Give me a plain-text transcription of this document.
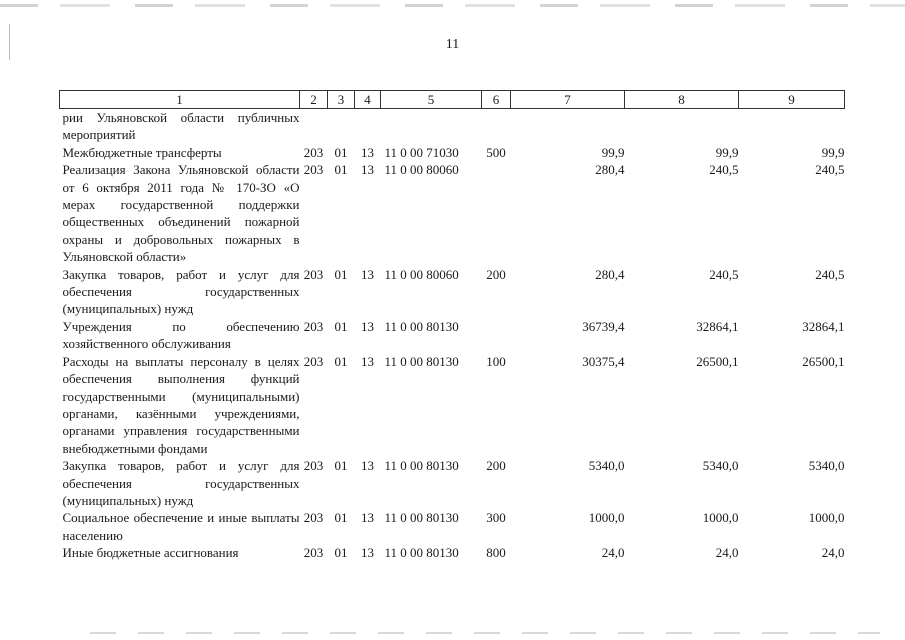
11
1	2	3	4	5	6	7	8	9
рии Ульяновской области публичных мероприятий								
Межбюджетные трансферты	203	01	13	11 0 00 71030	500	99,9	99,9	99,9
Реализация Закона Ульяновской области от 6 октября 2011 года № 170-ЗО «О мерах государственной поддержки общественных объединений пожарной охраны и добровольных пожарных в Ульяновской области»	203	01	13	11 0 00 80060		280,4	240,5	240,5
Закупка товаров, работ и услуг для обеспечения государственных (муниципальных) нужд	203	01	13	11 0 00 80060	200	280,4	240,5	240,5
Учреждения по обеспечению хозяйственного обслуживания	203	01	13	11 0 00 80130		36739,4	32864,1	32864,1
Расходы на выплаты персоналу в целях обеспечения выполнения функций государственными (муниципальными) органами, казёнными учреждениями, органами управления государственными внебюджетными фондами	203	01	13	11 0 00 80130	100	30375,4	26500,1	26500,1
Закупка товаров, работ и услуг для обеспечения государственных (муниципальных) нужд	203	01	13	11 0 00 80130	200	5340,0	5340,0	5340,0
Социальное обеспечение и иные выплаты населению	203	01	13	11 0 00 80130	300	1000,0	1000,0	1000,0
Иные бюджетные ассигнования	203	01	13	11 0 00 80130	800	24,0	24,0	24,0
